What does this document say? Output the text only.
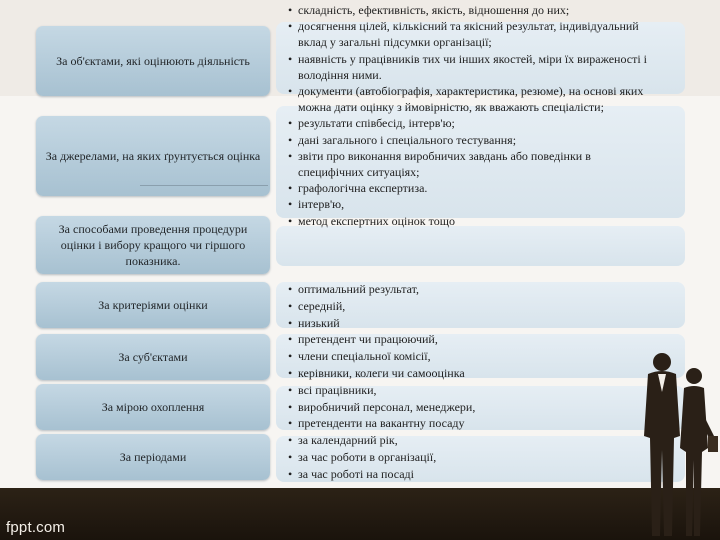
За об'єктами, які оцінюють діяльність
За джерелами, на яких ґрунтується оцінка
За способами проведення процедури оцінки і вибору кращого чи гіршого показника.
За критеріями оцінки
За суб'єктами
За мірою охоплення
За періодами
• складність, ефективність, якість, відношення до них;
• досягнення цілей, кількісний та якісний результат, індивідуальний вклад у загальні підсумки організації;
• наявність у працівників тих чи інших якостей, міри їх вираженості і володіння ними.
• документи (автобіографія, характеристика, резюме), на основі яких можна дати оцінку з ймовірністю, як вважають спеціалісти;
• результати співбесід, інтерв'ю;
• дані загального і спеціального тестування;
• звіти про виконання виробничих завдань або поведінки в специфічних ситуаціях;
• графологічна експертиза.
• інтерв'ю,
• метод експертних оцінок тощо
• оптимальний результат,
• середній,
• низький
• претендент чи працюючий,
• члени спеціальної комісії,
• керівники, колеги чи самооцінка
• всі працівники,
• виробничий персонал, менеджери,
• претенденти на вакантну посаду
• за календарний рік,
• за час роботи в організації,
• за час роботі на посаді
fppt.com
